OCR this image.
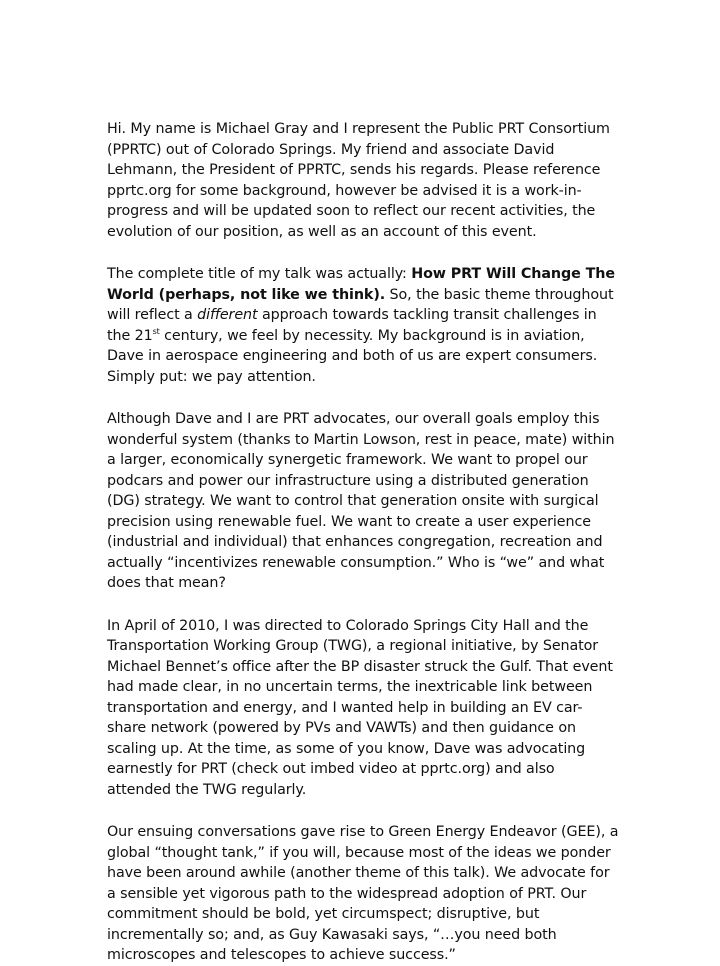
Hi. My name is Michael Gray and I represent the Public PRT Consortium (PPRTC) out of Colorado Springs. My friend and associate David Lehmann, the President of PPRTC, sends his regards. Please reference pprtc.org for some background, however be advised it is a work-in-progress and will be updated soon to reflect our recent activities, the evolution of our position, as well as an account of this event.

The complete title of my talk was actually: How PRT Will Change The World (perhaps, not like we think). So, the basic theme throughout will reflect a different approach towards tackling transit challenges in the 21st century, we feel by necessity. My background is in aviation, Dave in aerospace engineering and both of us are expert consumers. Simply put: we pay attention.

Although Dave and I are PRT advocates, our overall goals employ this wonderful system (thanks to Martin Lowson, rest in peace, mate) within a larger, economically synergetic framework. We want to propel our podcars and power our infrastructure using a distributed generation (DG) strategy. We want to control that generation onsite with surgical precision using renewable fuel. We want to create a user experience (industrial and individual) that enhances congregation, recreation and actually “incentivizes renewable consumption.” Who is “we” and what does that mean?

In April of 2010, I was directed to Colorado Springs City Hall and the Transportation Working Group (TWG), a regional initiative, by Senator Michael Bennet’s office after the BP disaster struck the Gulf. That event had made clear, in no uncertain terms, the inextricable link between transportation and energy, and I wanted help in building an EV car-share network (powered by PVs and VAWTs) and then guidance on scaling up. At the time, as some of you know, Dave was advocating earnestly for PRT (check out imbed video at pprtc.org) and also attended the TWG regularly.

Our ensuing conversations gave rise to Green Energy Endeavor (GEE), a global “thought tank,” if you will, because most of the ideas we ponder have been around awhile (another theme of this talk). We advocate for a sensible yet vigorous path to the widespread adoption of PRT. Our commitment should be bold, yet circumspect; disruptive, but incrementally so; and, as Guy Kawasaki says, “…you need both microscopes and telescopes to achieve success.”
